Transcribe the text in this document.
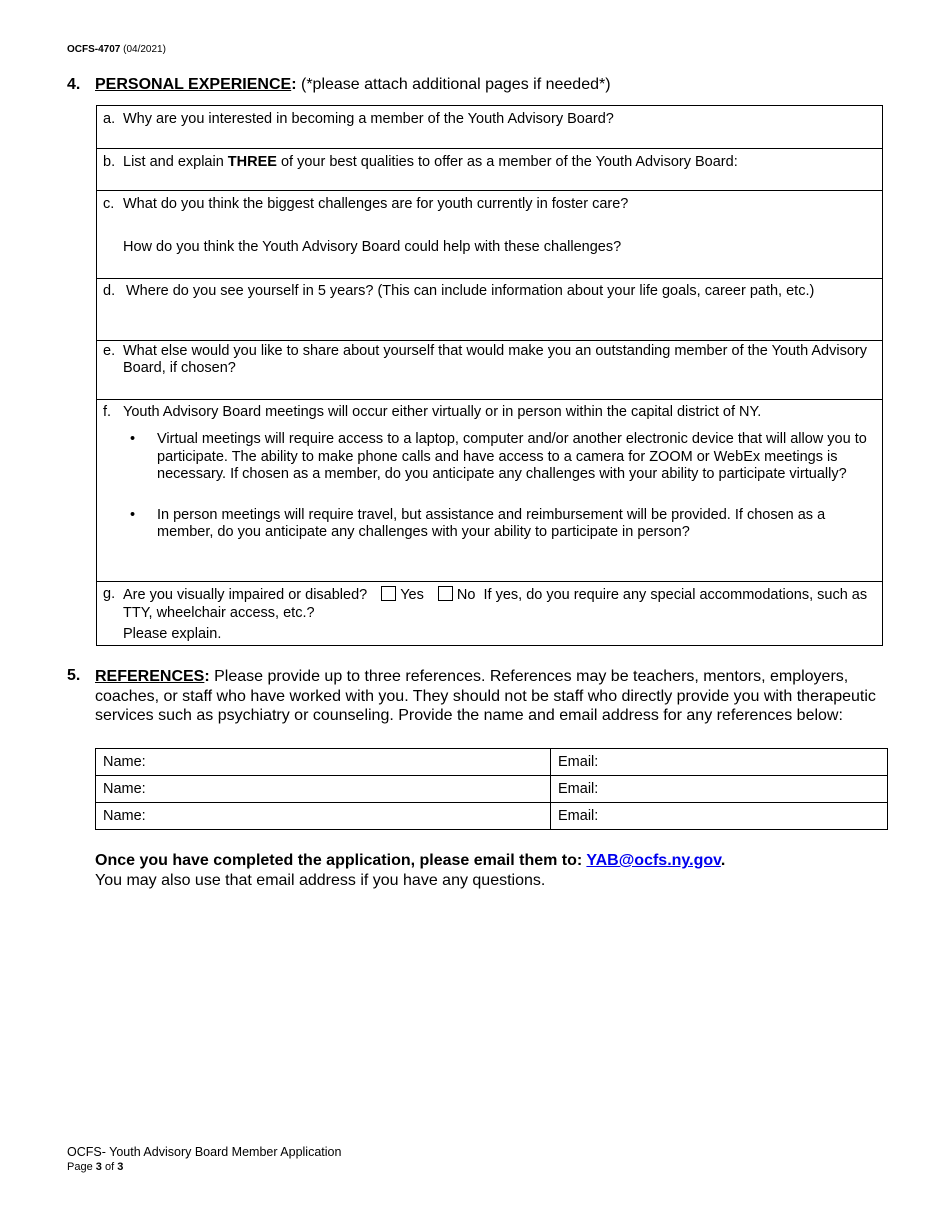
OCFS-4707 (04/2021)
4. PERSONAL EXPERIENCE: (*please attach additional pages if needed*)
a. Why are you interested in becoming a member of the Youth Advisory Board?

b. List and explain THREE of your best qualities to offer as a member of the Youth Advisory Board:

c. What do you think the biggest challenges are for youth currently in foster care?

How do you think the Youth Advisory Board could help with these challenges?

d. Where do you see yourself in 5 years? (This can include information about your life goals, career path, etc.)

e. What else would you like to share about yourself that would make you an outstanding member of the Youth Advisory Board, if chosen?

f. Youth Advisory Board meetings will occur either virtually or in person within the capital district of NY.

• Virtual meetings will require access to a laptop, computer and/or another electronic device that will allow you to participate. The ability to make phone calls and have access to a camera for ZOOM or WebEx meetings is necessary. If chosen as a member, do you anticipate any challenges with your ability to participate virtually?
• In person meetings will require travel, but assistance and reimbursement will be provided. If chosen as a member, do you anticipate any challenges with your ability to participate in person?

g. Are you visually impaired or disabled? Yes No If yes, do you require any special accommodations, such as TTY, wheelchair access, etc.?

Please explain.

5. REFERENCES: Please provide up to three references. References may be teachers, mentors, employers, coaches, or staff who have worked with you. They should not be staff who directly provide you with therapeutic services such as psychiatry or counseling. Provide the name and email address for any references below:
Name:	Email:
Name:	Email:
Name:	Email:
Once you have completed the application, please email them to: YAB@ocfs.ny.gov.
You may also use that email address if you have any questions.
OCFS- Youth Advisory Board Member Application
Page 3 of 3
